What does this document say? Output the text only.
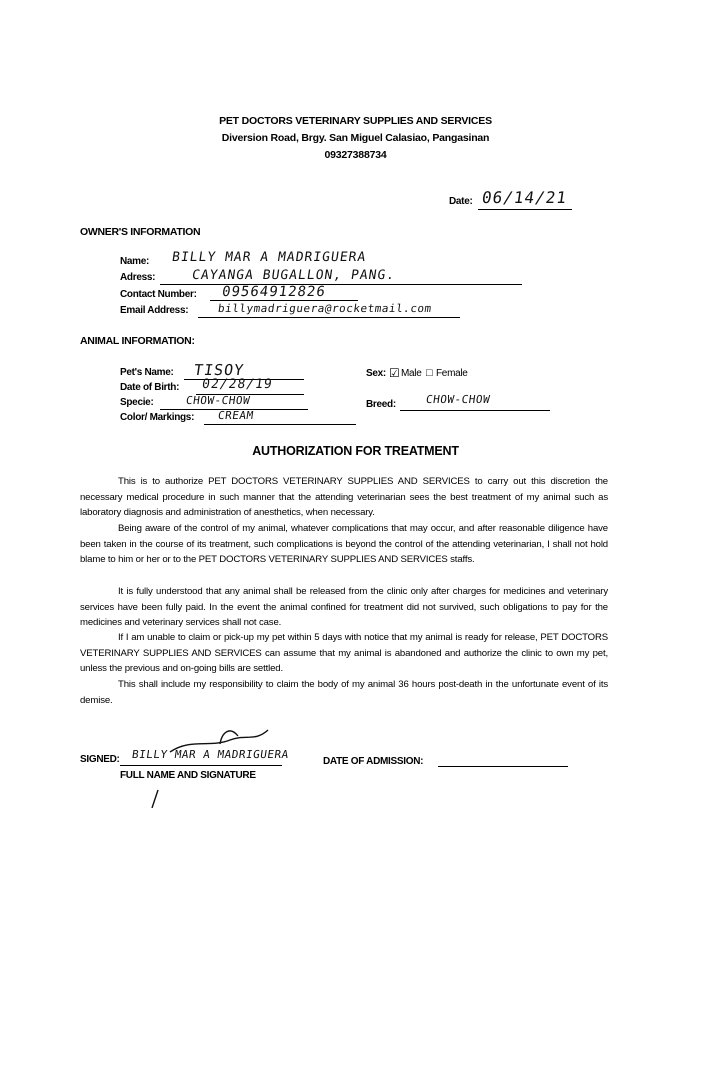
PET DOCTORS VETERINARY SUPPLIES AND SERVICES
Diversion Road, Brgy. San Miguel Calasiao, Pangasinan
09327388734
Date: 06/14/21
OWNER'S INFORMATION
Name: BILLY MAR A MADRIGUERA
Adress:	CAYANGA BUGALLON, PANG.
Contact Number: 09564912826
Email Address:	billymadriguera@rocketmail.com
ANIMAL INFORMATION:
Pet's Name: TISOY
Date of Birth: 02/28/19
Specie:	CHOW-CHOW
Color/ Markings: CREAM
Sex: ☑ Male □ Female
Breed:	CHOW-CHOW
AUTHORIZATION FOR TREATMENT
This is to authorize PET DOCTORS VETERINARY SUPPLIES AND SERVICES to carry out this discretion the necessary medical procedure in such manner that the attending veterinarian sees the best treatment of my animal such as laboratory diagnosis and administration of anesthetics, when necessary.
Being aware of the control of my animal, whatever complications that may occur, and after reasonable diligence have been taken in the course of its treatment, such complications is beyond the control of the attending veterinarian, I shall not hold blame to him or her or to the PET DOCTORS VETERINARY SUPPLIES AND SERVICES staffs.
It is fully understood that any animal shall be released from the clinic only after charges for medicines and veterinary services have been fully paid. In the event the animal confined for treatment did not survived, such obligations to pay for the medicines and veterinary services shall not case.
If I am unable to claim or pick-up my pet within 5 days with notice that my animal is ready for release, PET DOCTORS VETERINARY SUPPLIES AND SERVICES can assume that my animal is abandoned and authorize the clinic to own my pet, unless the previous and on-going bills are settled.
This shall include my responsibility to claim the body of my animal 36 hours post-death in the unfortunate event of its demise.
SIGNED: BILLY MAR A MADRIGUERA
FULL NAME AND SIGNATURE
DATE OF ADMISSION:
